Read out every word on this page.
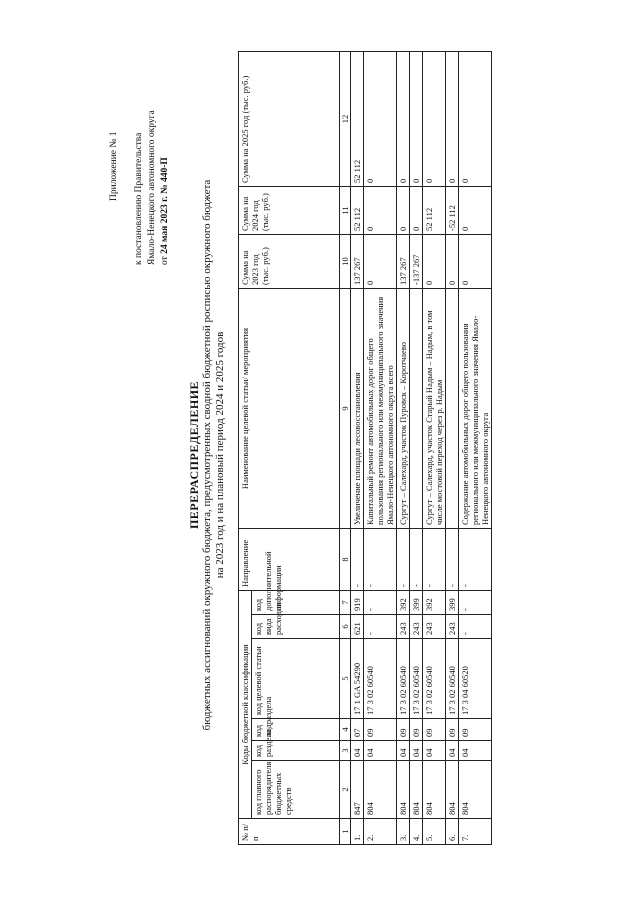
Приложение № 1 к постановлению Правительства Ямало-Ненецкого автономного округа от 24 мая 2023 г. № 440-П
ПЕРЕРАСПРЕДЕЛЕНИЕ бюджетных ассигнований окружного бюджета, предусмотренных сводной бюджетной росписью окружного бюджета на 2023 год и на плановый период 2024 и 2025 годов
№ п/п	Коды бюджетной классификации						Направление	Наименование целевой статьи/ мероприятия	Сумма на 2023 год (тыс. руб.)	Сумма на 2024 год (тыс. руб.)	Сумма на 2025 год (тыс. руб.)
	код главного распорядителя бюджетных средств	код раздела	код подраздела	код целевой статьи	код вида расходов	код дополнительной информации					
1	2	3	4	5	6	7	8	9	10	11	12
1.	847	04	07	17 1 GA 54290	621	919	-	Увеличение площади лесовосстановления	137 267	52 112	52 112
2.	804	04	09	17 3 02 60540	-	-	-	Капитальный ремонт автомобильных дорог общего пользования регионального или межмуниципального значения Ямало-Ненецкого автономного округа всего	0	0	0
3.	804	04	09	17 3 02 60540	243	392	-	Сургут – Салехард, участок Пуровск – Коротчаево	137 267	0	0
4.	804	04	09	17 3 02 60540	243	399	-		-137 267	0	0
5.	804	04	09	17 3 02 60540	243	392	-	Сургут – Салехард, участок Старый Надым – Надым, в том числе мостовой переход через р. Надым	0	52 112	0
6.	804	04	09	17 3 02 60540	243	399	-		0	-52 112	0
7.	804	04	09	17 3 04 60520	-	-	-	Содержание автомобильных дорог общего пользования регионального или межмуниципального значения Ямало-Ненецкого автономного округа	0	0	0
